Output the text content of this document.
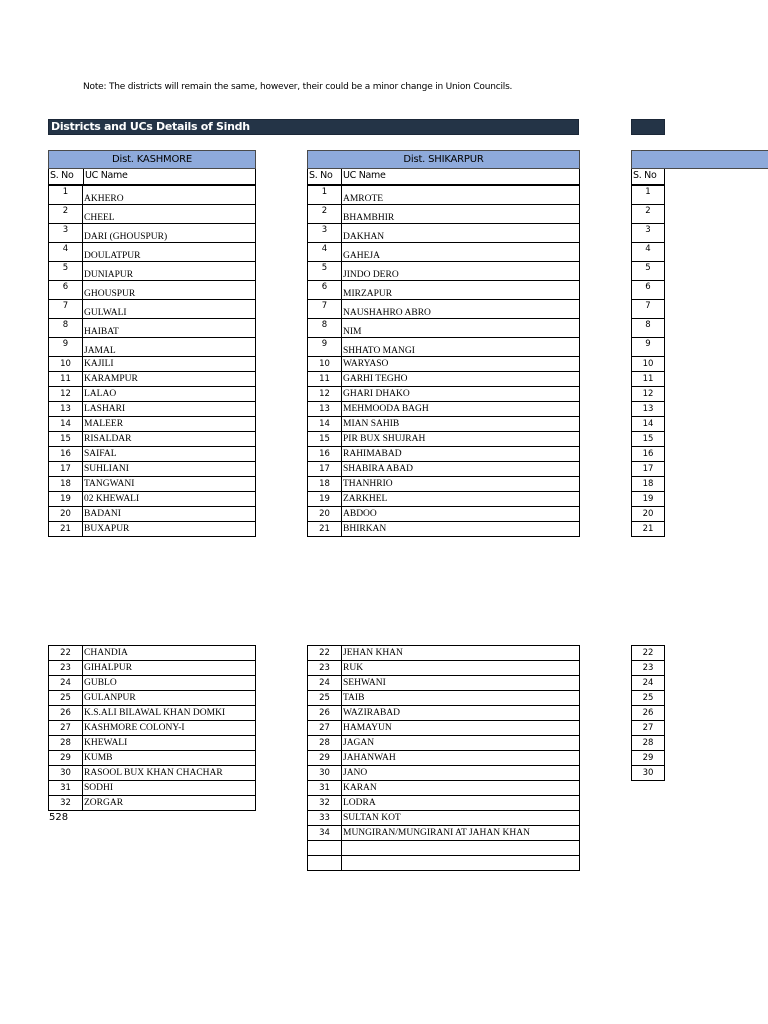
Note: The districts will remain the same, however, their could be a minor change in Union Councils.
Districts and UCs Details of Sindh
Dist. KASHMORE
S. No UC Name
1	AKHERO
2	CHEEL
3	DARI (GHOUSPUR)
4	DOULATPUR
5	DUNIAPUR
6	GHOUSPUR
7	GULWALI
8	HAIBAT
9	JAMAL
10	KAJILI
11	KARAMPUR
12	LALAO
13	LASHARI
14	MALEER
15	RISALDAR
16	SAIFAL
17	SUHLIANI
18	TANGWANI
19	02 KHEWALI
20	BADANI
21	BUXAPUR
22	CHANDIA
23	GIHALPUR
24	GUBLO
25	GULANPUR
26	K.S.ALI BILAWAL KHAN DOMKI
27	KASHMORE COLONY-I
28	KHEWALI
29	KUMB
30	RASOOL BUX KHAN CHACHAR
31	SODHI
32	ZORGAR
528
Dist. SHIKARPUR
S. No UC Name
1	AMROTE
2	BHAMBHIR
3	DAKHAN
4	GAHEJA
5	JINDO DERO
6	MIRZAPUR
7	NAUSHAHRO ABRO
8	NIM
9	SHHATO MANGI
10	WARYASO
11	GARHI TEGHO
12	GHARI DHAKO
13	MEHMOODA BAGH
14	MIAN SAHIB
15	PIR BUX SHUJRAH
16	RAHIMABAD
17	SHABIRA ABAD
18	THANHRIO
19	ZARKHEL
20	ABDOO
21	BHIRKAN
22	JEHAN KHAN
23	RUK
24	SEHWANI
25	TAIB
26	WAZIRABAD
27	HAMAYUN
28	JAGAN
29	JAHANWAH
30	JANO
31	KARAN
32	LODRA
33	SULTAN KOT
34	MUNGIRAN/MUNGIRANI AT JAHAN KHAN

S. No
1
2
3
4
5
6
7
8
9
10
11
12
13
14
15
16
17
18
19
20
21
22
23
24
25
26
27
28
29
30
